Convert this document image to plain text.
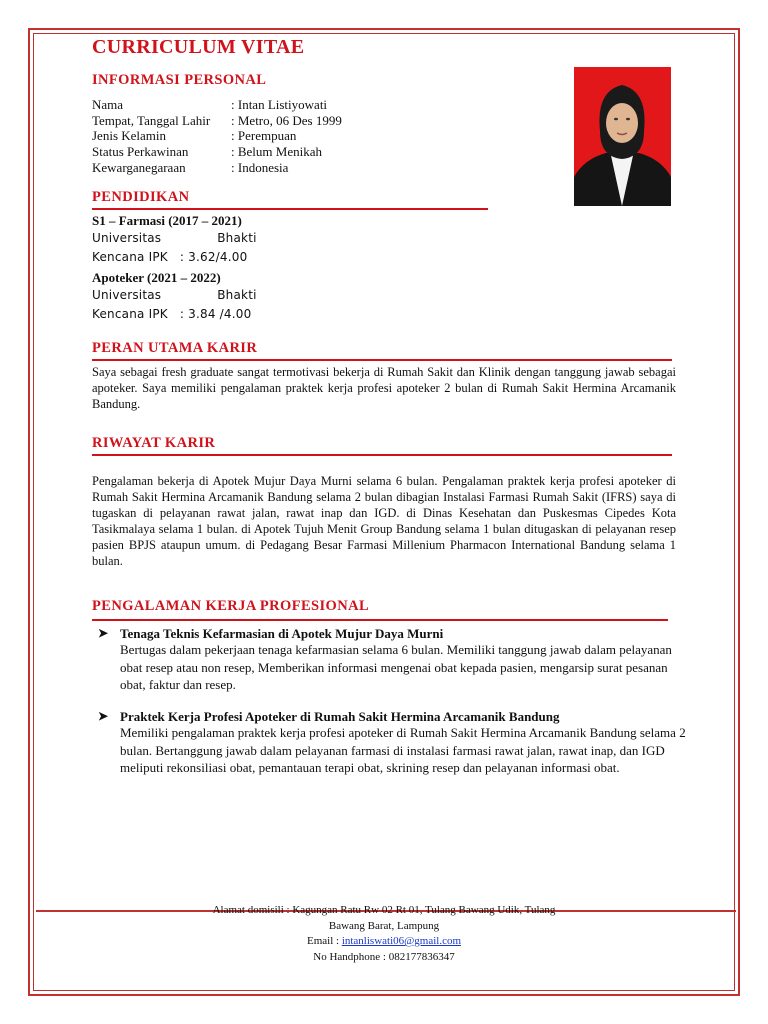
CURRICULUM VITAE
INFORMASI PERSONAL
Nama	: Intan Listiyowati
Tempat, Tanggal Lahir	: Metro, 06 Des 1999
Jenis Kelamin	: Perempuan
Status Perkawinan	: Belum Menikah
Kewarganegaraan	: Indonesia
PENDIDIKAN
S1 – Farmasi (2017 – 2021)
Universitas	Bhakti
Kencana IPK   : 3.62/4.00
Apoteker (2021 – 2022)
Universitas	Bhakti
Kencana IPK   : 3.84 /4.00
PERAN UTAMA KARIR
Saya sebagai fresh graduate sangat termotivasi bekerja di Rumah Sakit dan Klinik dengan tanggung jawab sebagai apoteker. Saya memiliki pengalaman praktek kerja profesi apoteker 2 bulan di Rumah Sakit Hermina Arcamanik Bandung.
RIWAYAT KARIR
Pengalaman bekerja di Apotek Mujur Daya Murni selama 6 bulan. Pengalaman praktek kerja profesi apoteker di Rumah Sakit Hermina Arcamanik Bandung selama 2 bulan dibagian Instalasi Farmasi Rumah Sakit (IFRS) saya di tugaskan di pelayanan rawat jalan, rawat inap dan IGD. di Dinas Kesehatan dan Puskesmas Cipedes Kota Tasikmalaya selama 1 bulan. di Apotek Tujuh Menit Group Bandung selama 1 bulan ditugaskan di pelayanan resep pasien BPJS ataupun umum. di Pedagang Besar Farmasi Millenium Pharmacon International Bandung selama 1 bulan.
PENGALAMAN KERJA PROFESIONAL
➤ Tenaga Teknis Kefarmasian di Apotek Mujur Daya Murni
Bertugas dalam pekerjaan tenaga kefarmasian selama 6 bulan. Memiliki tanggung jawab dalam pelayanan obat resep atau non resep, Memberikan informasi mengenai obat kepada pasien, mengarsip surat pesanan obat, faktur dan resep.
➤ Praktek Kerja Profesi Apoteker di Rumah Sakit Hermina Arcamanik Bandung
Memiliki pengalaman praktek kerja profesi apoteker di Rumah Sakit Hermina Arcamanik Bandung selama 2 bulan. Bertanggung jawab dalam pelayanan farmasi di instalasi farmasi rawat jalan, rawat inap, dan IGD meliputi rekonsiliasi obat, pemantauan terapi obat, skrining resep dan pelayanan informasi obat.
Alamat domisili : Kagungan Ratu Rw 02 Rt 01, Tulang Bawang Udik, Tulang
Bawang Barat, Lampung
Email : intanliswati06@gmail.com
No Handphone : 082177836347
